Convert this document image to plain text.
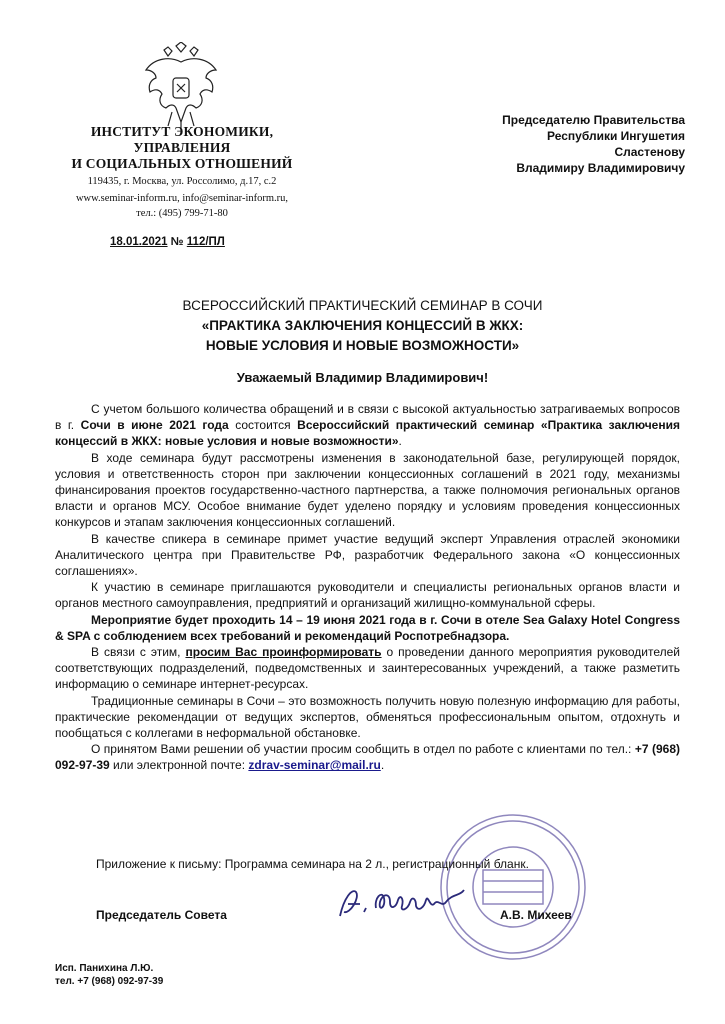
ИНСТИТУТ ЭКОНОМИКИ,
УПРАВЛЕНИЯ
И СОЦИАЛЬНЫХ ОТНОШЕНИЙ
119435, г. Москва, ул. Россолимо, д.17, с.2
www.seminar-inform.ru, info@seminar-inform.ru,
тел.: (495) 799-71-80
18.01.2021 № 112/ПЛ
Председателю Правительства
Республики Ингушетия
Сластенову
Владимиру Владимировичу
ВСЕРОССИЙСКИЙ ПРАКТИЧЕСКИЙ СЕМИНАР В СОЧИ
«ПРАКТИКА ЗАКЛЮЧЕНИЯ КОНЦЕССИЙ В ЖКХ:
НОВЫЕ УСЛОВИЯ И НОВЫЕ ВОЗМОЖНОСТИ»
Уважаемый Владимир Владимирович!

С учетом большого количества обращений и в связи с высокой актуальностью затрагиваемых вопросов в г. Сочи в июне 2021 года состоится Всероссийский практический семинар «Практика заключения концессий в ЖКХ: новые условия и новые возможности».

В ходе семинара будут рассмотрены изменения в законодательной базе, регулирующей порядок, условия и ответственность сторон при заключении концессионных соглашений в 2021 году, механизмы финансирования проектов государственно-частного партнерства, а также полномочия региональных органов власти и органов МСУ. Особое внимание будет уделено порядку и условиям проведения концессионных конкурсов и этапам заключения концессионных соглашений.

В качестве спикера в семинаре примет участие ведущий эксперт Управления отраслей экономики Аналитического центра при Правительстве РФ, разработчик Федерального закона «О концессионных соглашениях».

К участию в семинаре приглашаются руководители и специалисты региональных органов власти и органов местного самоуправления, предприятий и организаций жилищно-коммунальной сферы.

Мероприятие будет проходить 14 – 19 июня 2021 года в г. Сочи в отеле Sea Galaxy Hotel Congress & SPA с соблюдением всех требований и рекомендаций Роспотребнадзора.

В связи с этим, просим Вас проинформировать о проведении данного мероприятия руководителей соответствующих подразделений, подведомственных и заинтересованных учреждений, а также разметить информацию о семинаре интернет-ресурсах.

Традиционные семинары в Сочи – это возможность получить новую полезную информацию для работы, практические рекомендации от ведущих экспертов, обменяться профессиональным опытом, отдохнуть и пообщаться с коллегами в неформальной обстановке.

О принятом Вами решении об участии просим сообщить в отдел по работе с клиентами по тел.: +7 (968) 092-97-39 или электронной почте: zdrav-seminar@mail.ru.

Приложение к письму: Программа семинара на 2 л., регистрационный бланк.
Председатель Совета	А.В. Михеев
Исп. Панихина Л.Ю.
тел. +7 (968) 092-97-39
